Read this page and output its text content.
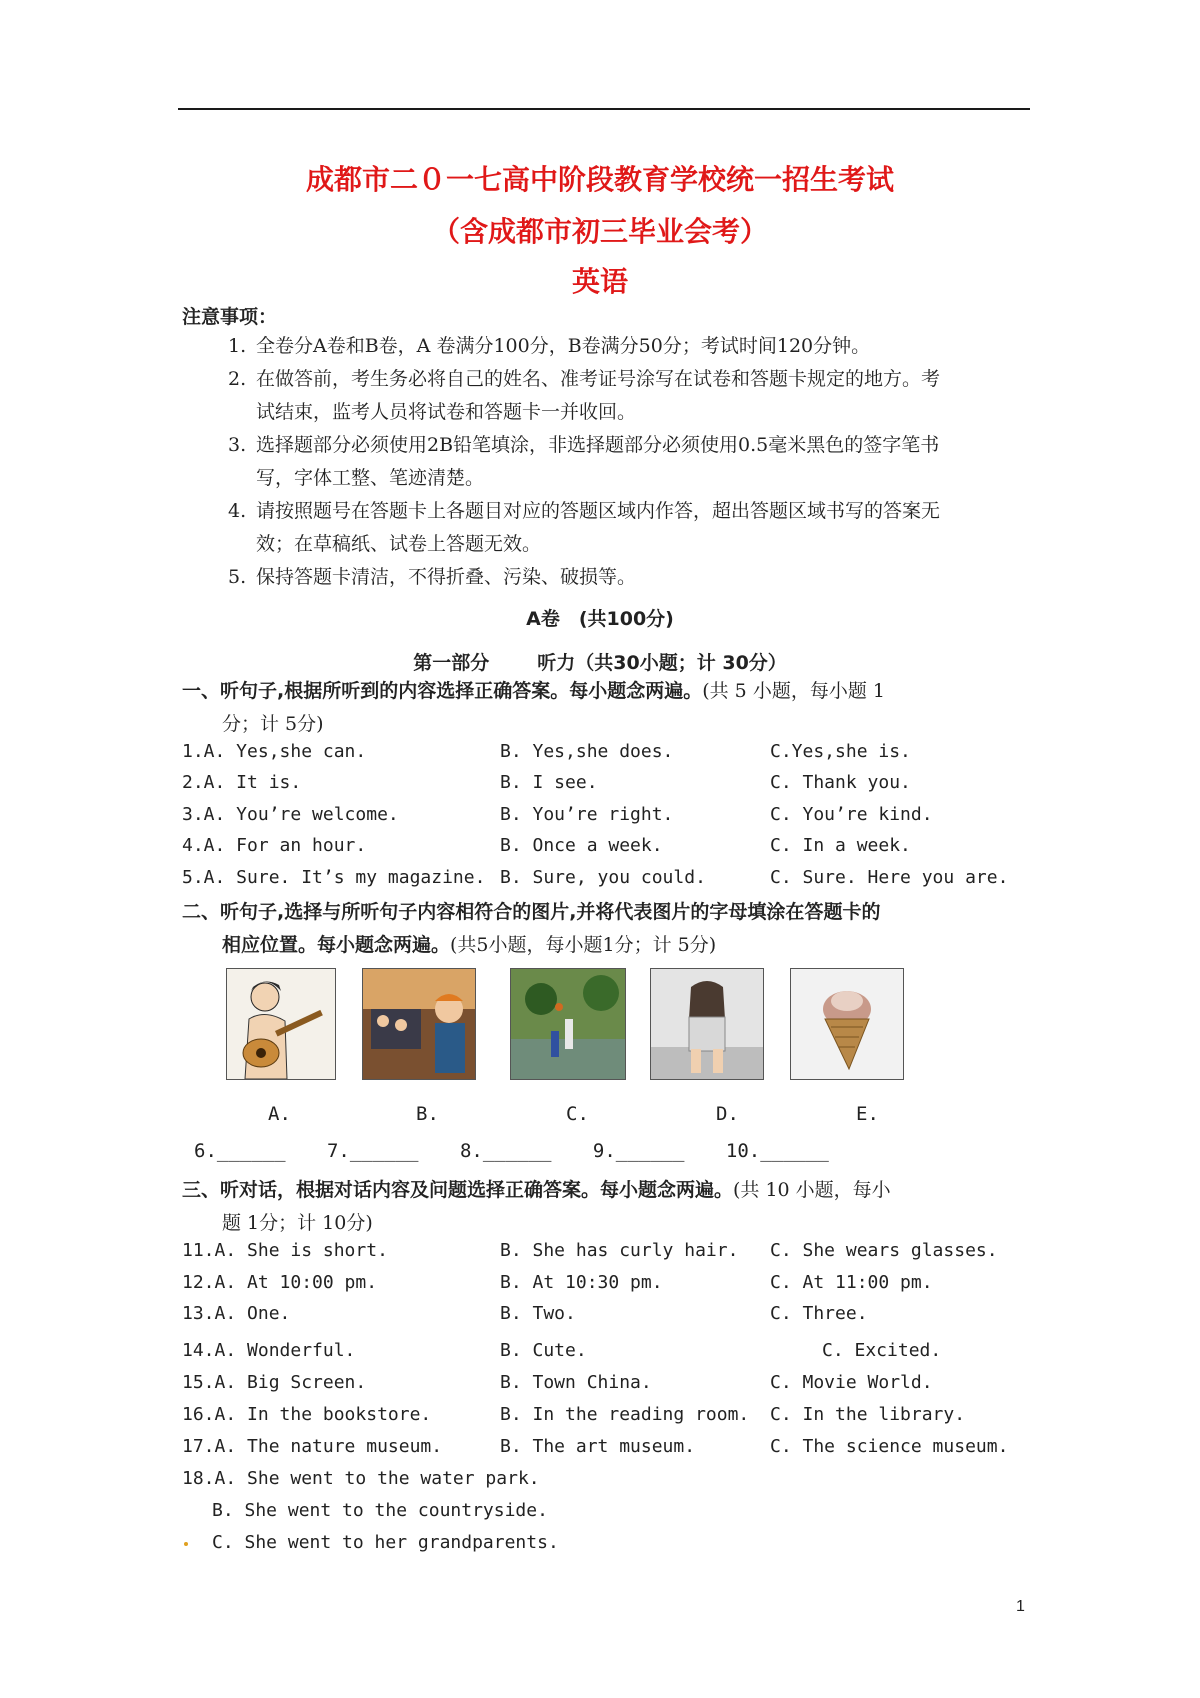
成都市二０一七高中阶段教育学校统一招生考试
（含成都市初三毕业会考）
英语
注意事项：
1. 全卷分A卷和B卷，A 卷满分100分，B卷满分50分；考试时间120分钟。
2. 在做答前，考生务必将自己的姓名、准考证号涂写在试卷和答题卡规定的地方。考
试结束，监考人员将试卷和答题卡一并收回。
3. 选择题部分必须使用2B铅笔填涂，非选择题部分必须使用0.5毫米黑色的签字笔书
写，字体工整、笔迹清楚。
4. 请按照题号在答题卡上各题目对应的答题区域内作答，超出答题区域书写的答案无
效；在草稿纸、试卷上答题无效。
5. 保持答题卡清洁，不得折叠、污染、破损等。
A卷　(共100分)
第一部分	听力（共30小题；计 30分）
一、听句子,根据所听到的内容选择正确答案。每小题念两遍。(共 5 小题，每小题 1
分；计 5分)
1.A. Yes,she can.	B. Yes,she does.	C.Yes,she is.
2.A. It is.	B. I see.	C. Thank you.
3.A. You’re welcome.	B. You’re right.	C. You’re kind.
4.A. For an hour.	B. Once a week.	C. In a week.
5.A. Sure. It’s my magazine. B. Sure, you could.	C. Sure. Here you are.
二、听句子,选择与所听句子内容相符合的图片,并将代表图片的字母填涂在答题卡的
相应位置。每小题念两遍。(共5小题，每小题1分；计 5分)
A.	B.	C.	D.	E.
6.______ 7.______ 8.______ 9.______ 10.______
三、听对话，根据对话内容及问题选择正确答案。每小题念两遍。(共 10 小题，每小
题 1分；计 10分)
11.A. She is short.	B. She has curly hair. C. She wears glasses.
12.A. At 10:00 pm.	B. At 10:30 pm.	C. At 11:00 pm.
13.A. One.	B. Two.	C. Three.
14.A. Wonderful.	B. Cute.	C. Excited.
15.A. Big Screen.	B. Town China.	C. Movie World.
16.A. In the bookstore.	B. In the reading room. C. In the library.
17.A. The nature museum.	B. The art museum.	C. The science museum.
18.A. She went to the water park.
B. She went to the countryside.
C. She went to her grandparents.
1
